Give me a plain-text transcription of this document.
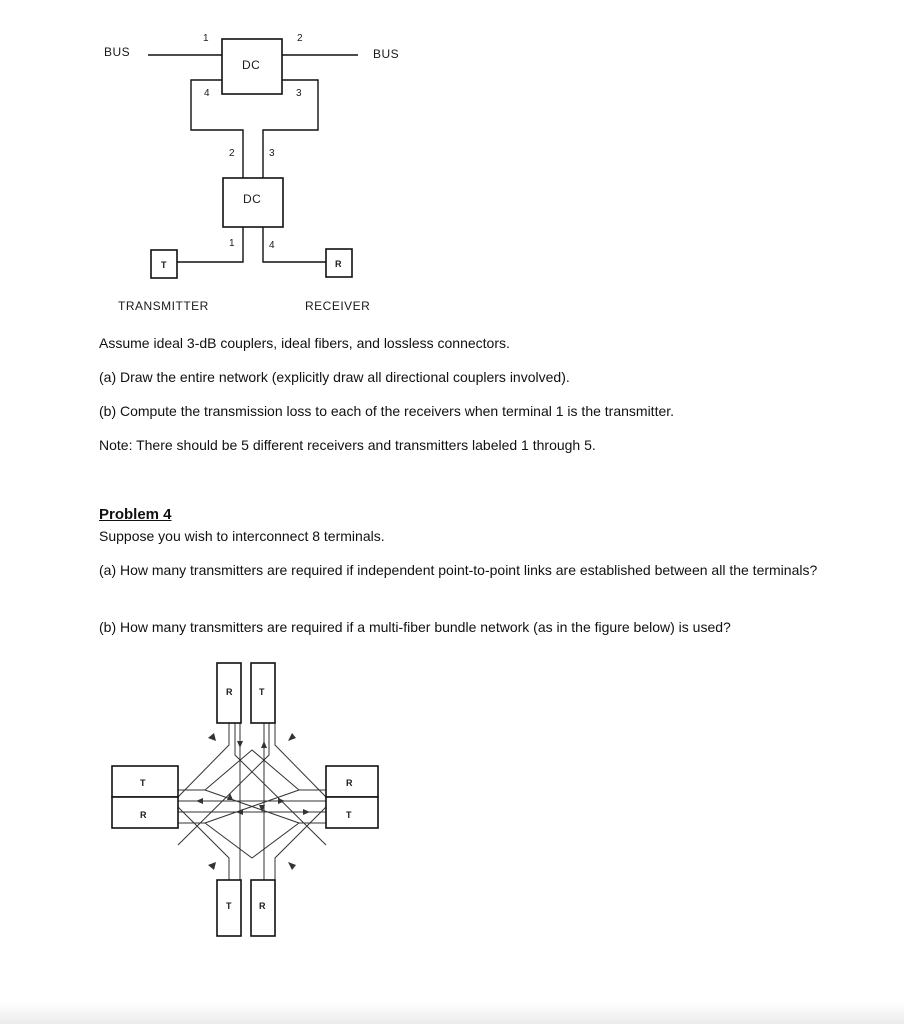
BUS	BUS
DC
1	2
3
4
2	3
DC
1	4
T	R
TRANSMITTER	RECEIVER
Assume ideal 3-dB couplers, ideal fibers, and lossless connectors.
(a) Draw the entire network (explicitly draw all directional couplers involved).
(b) Compute the transmission loss to each of the receivers when terminal 1 is the transmitter.
Note: There should be 5 different receivers and transmitters labeled 1 through 5.
Problem 4
Suppose you wish to interconnect 8 terminals.
(a) How many transmitters are required if independent point-to-point links are established between all the terminals?
(b) How many transmitters are required if a multi-fiber bundle network (as in the figure below) is used?
R	T
T
R
R
T
T	R
